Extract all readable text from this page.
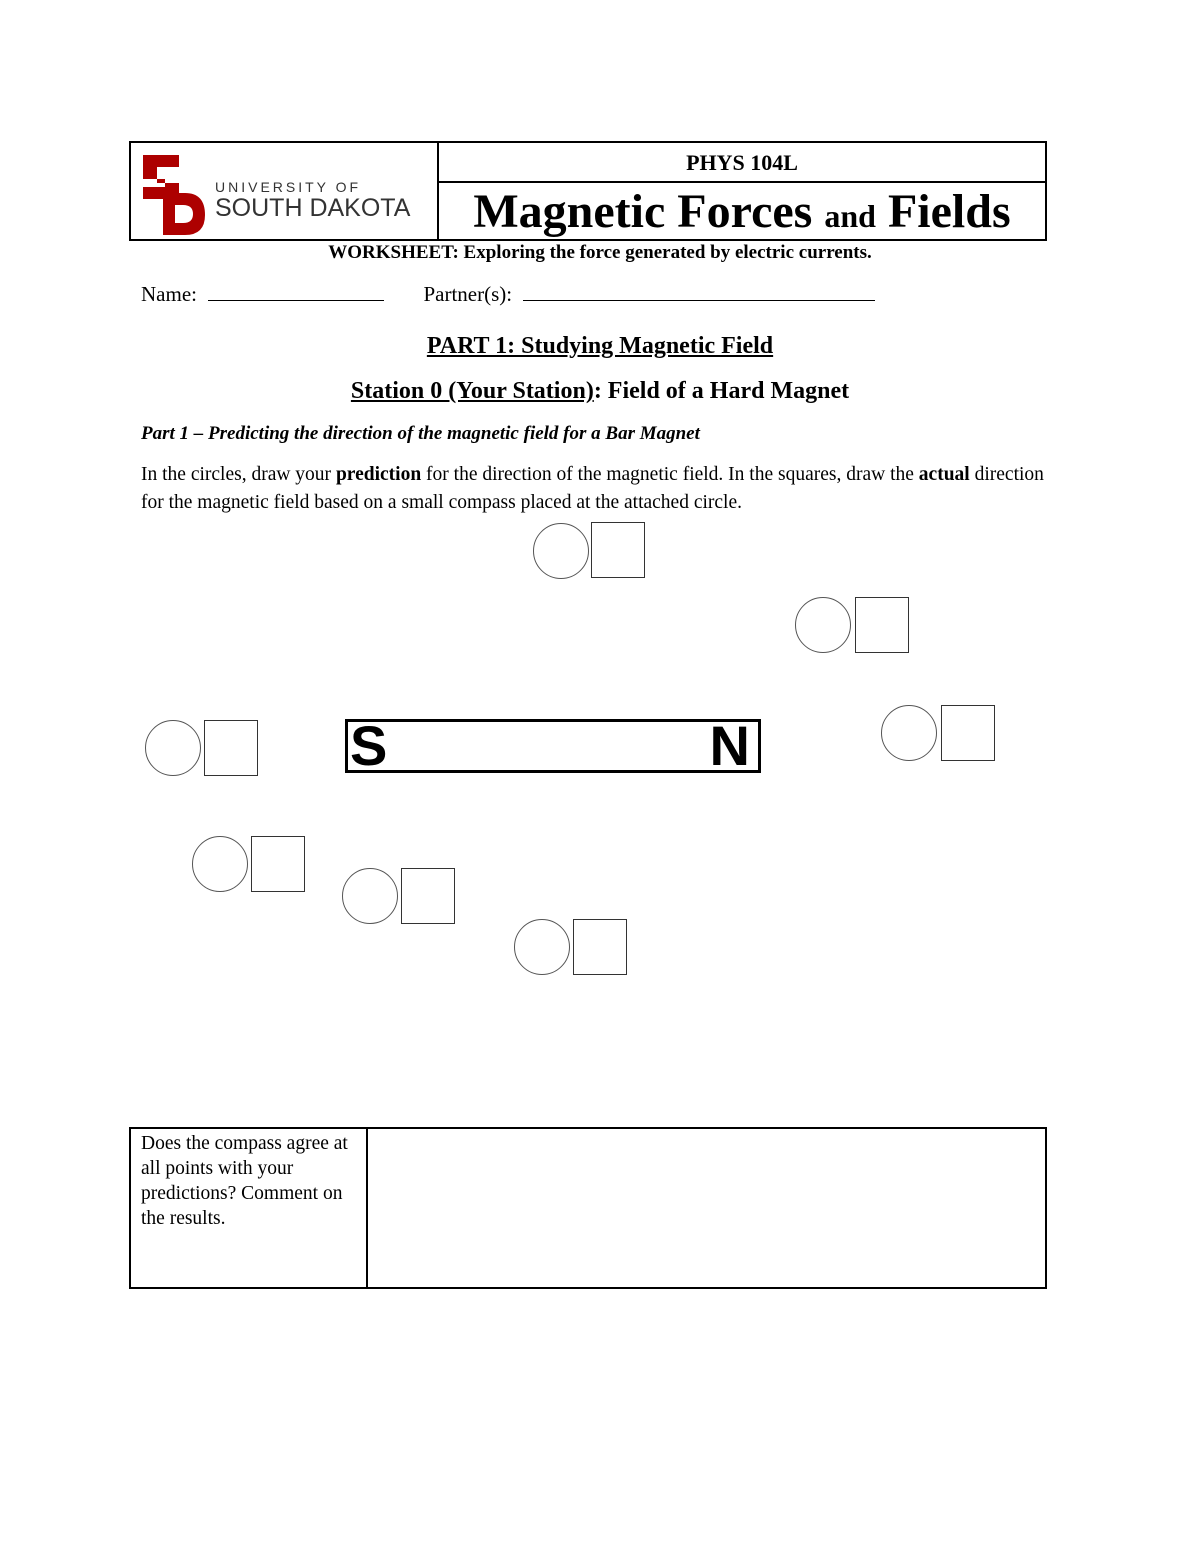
UNIVERSITY OF
SOUTH DAKOTA
PHYS 104L
Magnetic Forces and Fields
WORKSHEET: Exploring the force generated by electric currents.
Name:	Partner(s):
PART 1: Studying Magnetic Field
Station 0 (Your Station): Field of a Hard Magnet
Part 1 – Predicting the direction of the magnetic field for a Bar Magnet
In the circles, draw your prediction for the direction of the magnetic field. In the squares, draw the actual direction for the magnetic field based on a small compass placed at the attached circle.
S	N
Does the compass agree at all points with your predictions? Comment on the results.
